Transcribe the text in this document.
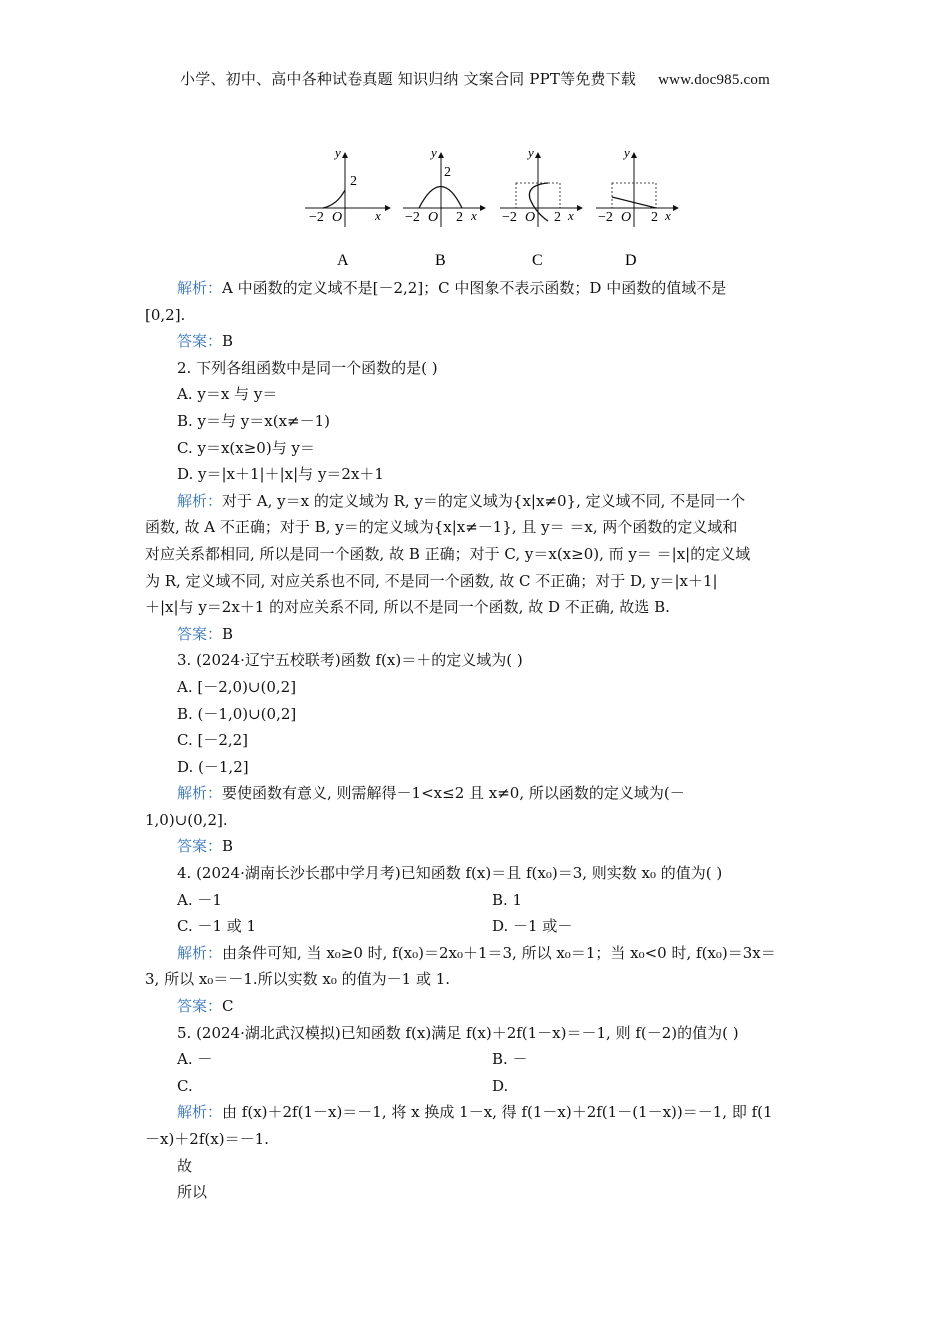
小学、初中、高中各种试卷真题 知识归纳 文案合同 PPT等免费下载 www.doc985.com
y
2
−2 O	x
A
y
2
−2 O 2 x
B
y
−2 O 2 x
C
y
−2 O 2 x
D
解析：A 中函数的定义域不是[－2,2]；C 中图象不表示函数；D 中函数的值域不是
[0,2].
答案：B
2. 下列各组函数中是同一个函数的是( )
A. y＝x 与 y＝
B. y＝与 y＝x(x≠－1)
C. y＝x(x≥0)与 y＝
D. y＝|x＋1|＋|x|与 y＝2x＋1
解析：对于 A, y＝x 的定义域为 R, y＝的定义域为{x|x≠0}, 定义域不同, 不是同一个
函数, 故 A 不正确；对于 B, y＝的定义域为{x|x≠－1}, 且 y＝ ＝x, 两个函数的定义域和
对应关系都相同, 所以是同一个函数, 故 B 正确；对于 C, y＝x(x≥0), 而 y＝ ＝|x|的定义域
为 R, 定义域不同, 对应关系也不同, 不是同一个函数, 故 C 不正确；对于 D, y＝|x＋1|
＋|x|与 y＝2x＋1 的对应关系不同, 所以不是同一个函数, 故 D 不正确, 故选 B.
答案：B
3. (2024·辽宁五校联考)函数 f(x)＝＋的定义域为( )
A. [－2,0)∪(0,2]
B. (－1,0)∪(0,2]
C. [－2,2]
D. (－1,2]
解析：要使函数有意义, 则需解得－1<x≤2 且 x≠0, 所以函数的定义域为(－
1,0)∪(0,2].
答案：B
4. (2024·湖南长沙长郡中学月考)已知函数 f(x)＝且 f(x₀)＝3, 则实数 x₀ 的值为( )
A. －1	B. 1
C. －1 或 1	D. －1 或－
解析：由条件可知, 当 x₀≥0 时, f(x₀)＝2x₀＋1＝3, 所以 x₀＝1；当 x₀<0 时, f(x₀)＝3x＝
3, 所以 x₀＝－1.所以实数 x₀ 的值为－1 或 1.
答案：C
5. (2024·湖北武汉模拟)已知函数 f(x)满足 f(x)＋2f(1－x)＝－1, 则 f(－2)的值为( )
A. －	B. －
C.	D.
解析：由 f(x)＋2f(1－x)＝－1, 将 x 换成 1－x, 得 f(1－x)＋2f(1－(1－x))＝－1, 即 f(1
－x)＋2f(x)＝－1.
故
所以
